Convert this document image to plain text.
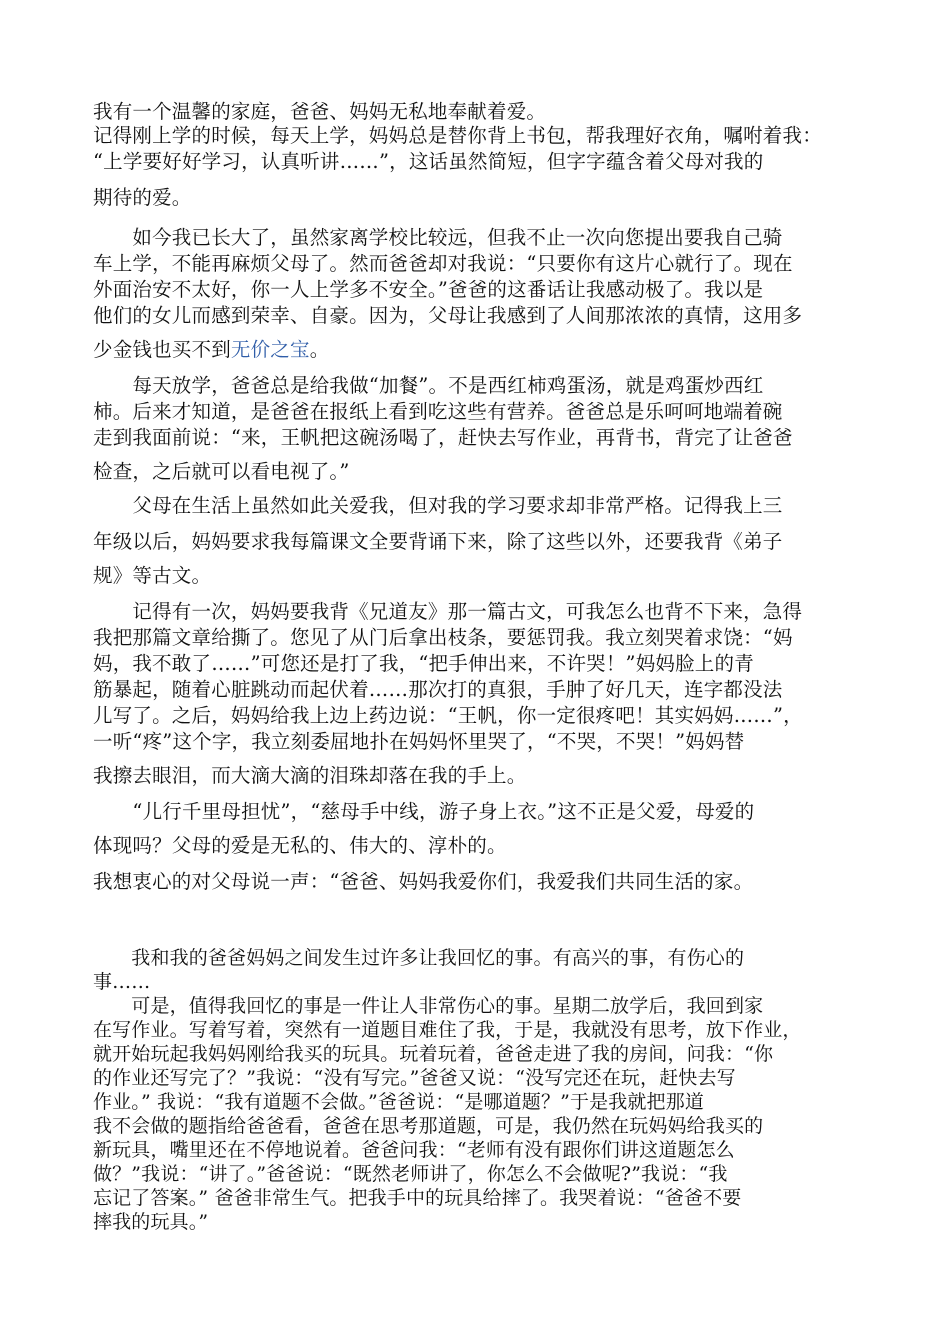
我有一个温馨的家庭，爸爸、妈妈无私地奉献着爱。
记得刚上学的时候，每天上学，妈妈总是替你背上书包，帮我理好衣角，嘱咐着我：
“上学要好好学习，认真听讲……”，这话虽然简短，但字字蕴含着父母对我的
期待的爱。
　　如今我已长大了，虽然家离学校比较远，但我不止一次向您提出要我自己骑
车上学，不能再麻烦父母了。然而爸爸却对我说：“只要你有这片心就行了。现在
外面治安不太好，你一人上学多不安全。”爸爸的这番话让我感动极了。我以是
他们的女儿而感到荣幸、自豪。因为，父母让我感到了人间那浓浓的真情，这用多
少金钱也买不到无价之宝。
　　每天放学，爸爸总是给我做“加餐”。不是西红柿鸡蛋汤，就是鸡蛋炒西红
柿。后来才知道，是爸爸在报纸上看到吃这些有营养。爸爸总是乐呵呵地端着碗
走到我面前说：“来，王帆把这碗汤喝了，赶快去写作业，再背书，背完了让爸爸
检查，之后就可以看电视了。”
　　父母在生活上虽然如此关爱我，但对我的学习要求却非常严格。记得我上三
年级以后，妈妈要求我每篇课文全要背诵下来，除了这些以外，还要我背《弟子
规》等古文。
　　记得有一次，妈妈要我背《兄道友》那一篇古文，可我怎么也背不下来，急得
我把那篇文章给撕了。您见了从门后拿出枝条，要惩罚我。我立刻哭着求饶：“妈
妈，我不敢了……”可您还是打了我，“把手伸出来，不许哭！”妈妈脸上的青
筋暴起，随着心脏跳动而起伏着……那次打的真狠，手肿了好几天，连字都没法
儿写了。之后，妈妈给我上边上药边说：“王帆，你一定很疼吧！其实妈妈……”，
一听“疼”这个字，我立刻委屈地扑在妈妈怀里哭了，“不哭，不哭！”妈妈替
我擦去眼泪，而大滴大滴的泪珠却落在我的手上。
　　“儿行千里母担忧”，“慈母手中线，游子身上衣。”这不正是父爱，母爱的
体现吗？父母的爱是无私的、伟大的、淳朴的。
我想衷心的对父母说一声：“爸爸、妈妈我爱你们，我爱我们共同生活的家。
　　我和我的爸爸妈妈之间发生过许多让我回忆的事。有高兴的事，有伤心的
事……
　　可是，值得我回忆的事是一件让人非常伤心的事。星期二放学后，我回到家
在写作业。写着写着，突然有一道题目难住了我，于是，我就没有思考，放下作业，
就开始玩起我妈妈刚给我买的玩具。玩着玩着，爸爸走进了我的房间，问我：“你
的作业还写完了？”我说：“没有写完。”爸爸又说：“没写完还在玩，赶快去写
作业。” 我说：“我有道题不会做。”爸爸说：“是哪道题？”于是我就把那道
我不会做的题指给爸爸看，爸爸在思考那道题，可是，我仍然在玩妈妈给我买的
新玩具，嘴里还在不停地说着。爸爸问我：“老师有没有跟你们讲这道题怎么
做？”我说：“讲了。”爸爸说：“既然老师讲了，你怎么不会做呢?”我说：“我
忘记了答案。” 爸爸非常生气。把我手中的玩具给摔了。我哭着说：“爸爸不要
摔我的玩具。”
